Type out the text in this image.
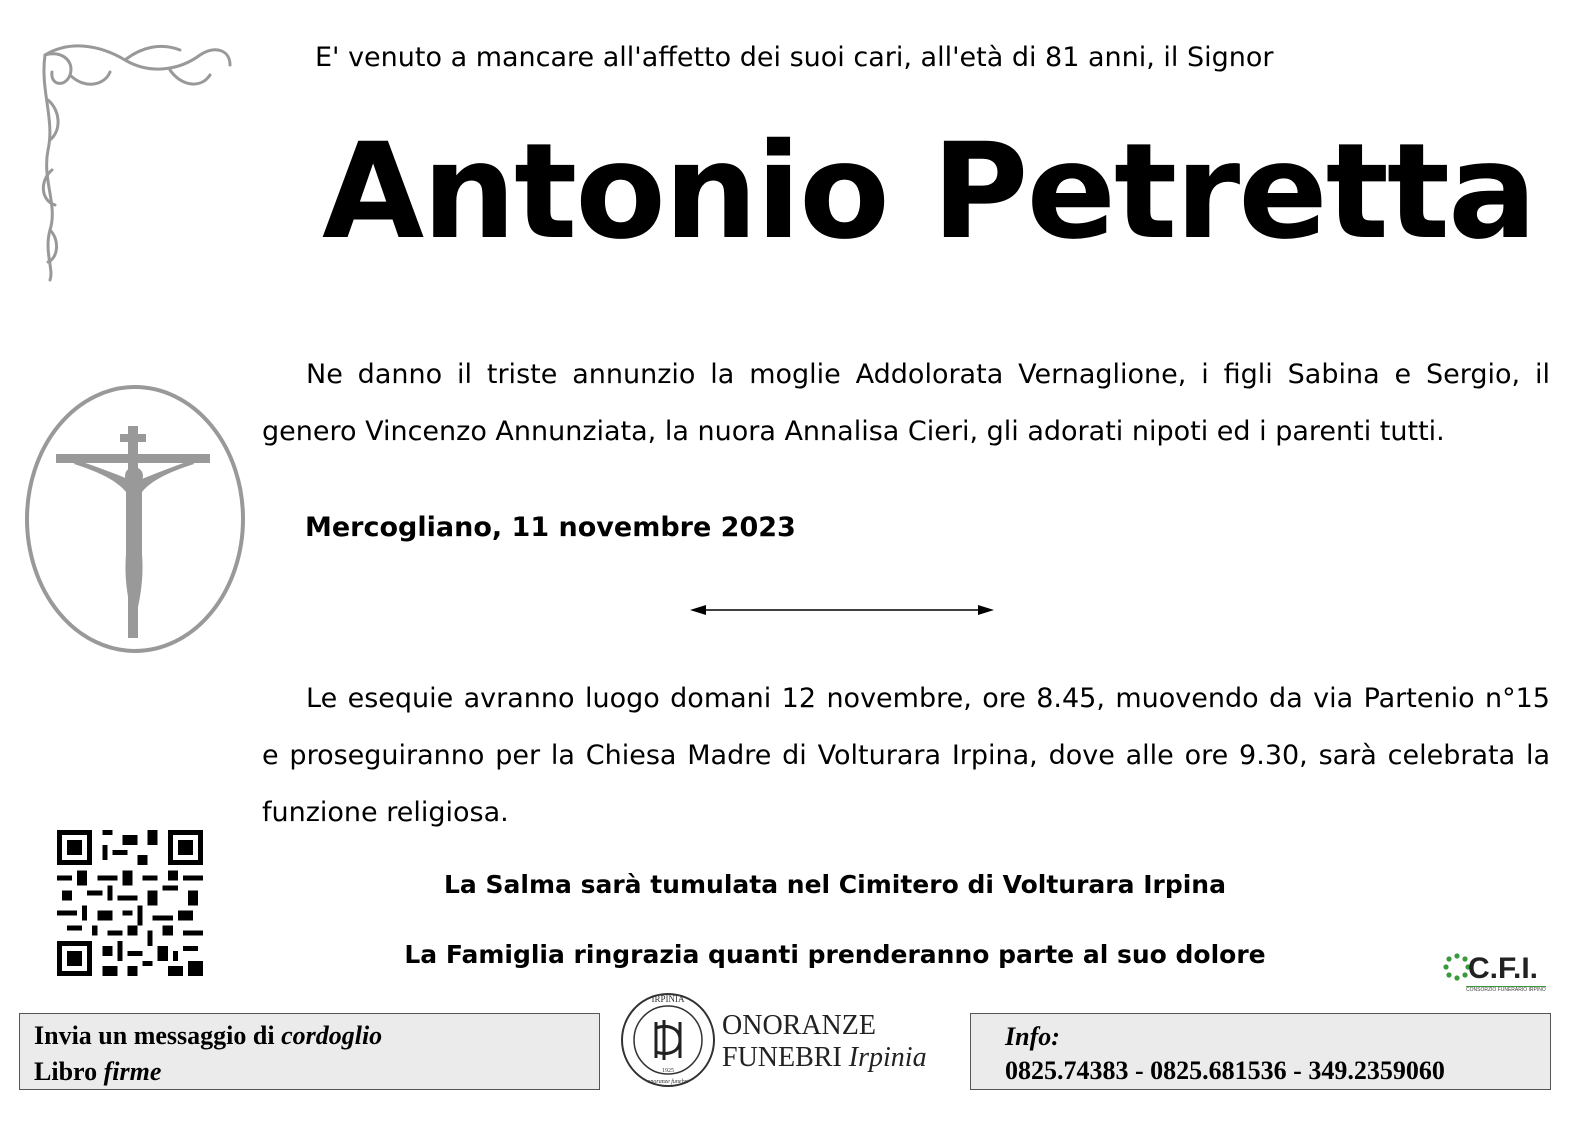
E' venuto a mancare all'affetto dei suoi cari, all'età di 81 anni, il Signor
Antonio Petretta
Ne danno il triste annunzio la moglie Addolorata Vernaglione, i figli Sabina e Sergio, il genero Vincenzo Annunziata, la nuora Annalisa Cieri, gli adorati nipoti ed i parenti tutti.
Mercogliano, 11 novembre 2023
Le esequie avranno luogo domani 12 novembre, ore 8.45, muovendo da via Partenio n°15 e proseguiranno per la Chiesa Madre di Volturara Irpina, dove alle ore 9.30, sarà celebrata la funzione religiosa.
La Salma sarà tumulata nel Cimitero di Volturara Irpina
La Famiglia ringrazia quanti prenderanno parte al suo dolore	C.F.I.
CONSORZIO FUNERARIO IRPINO
Invia un messaggio di cordoglio
Libro firme
IRPINIA
1925
onoranze funebri
ONORANZE
FUNEBRI Irpinia
Info:
0825.74383 - 0825.681536 - 349.2359060
